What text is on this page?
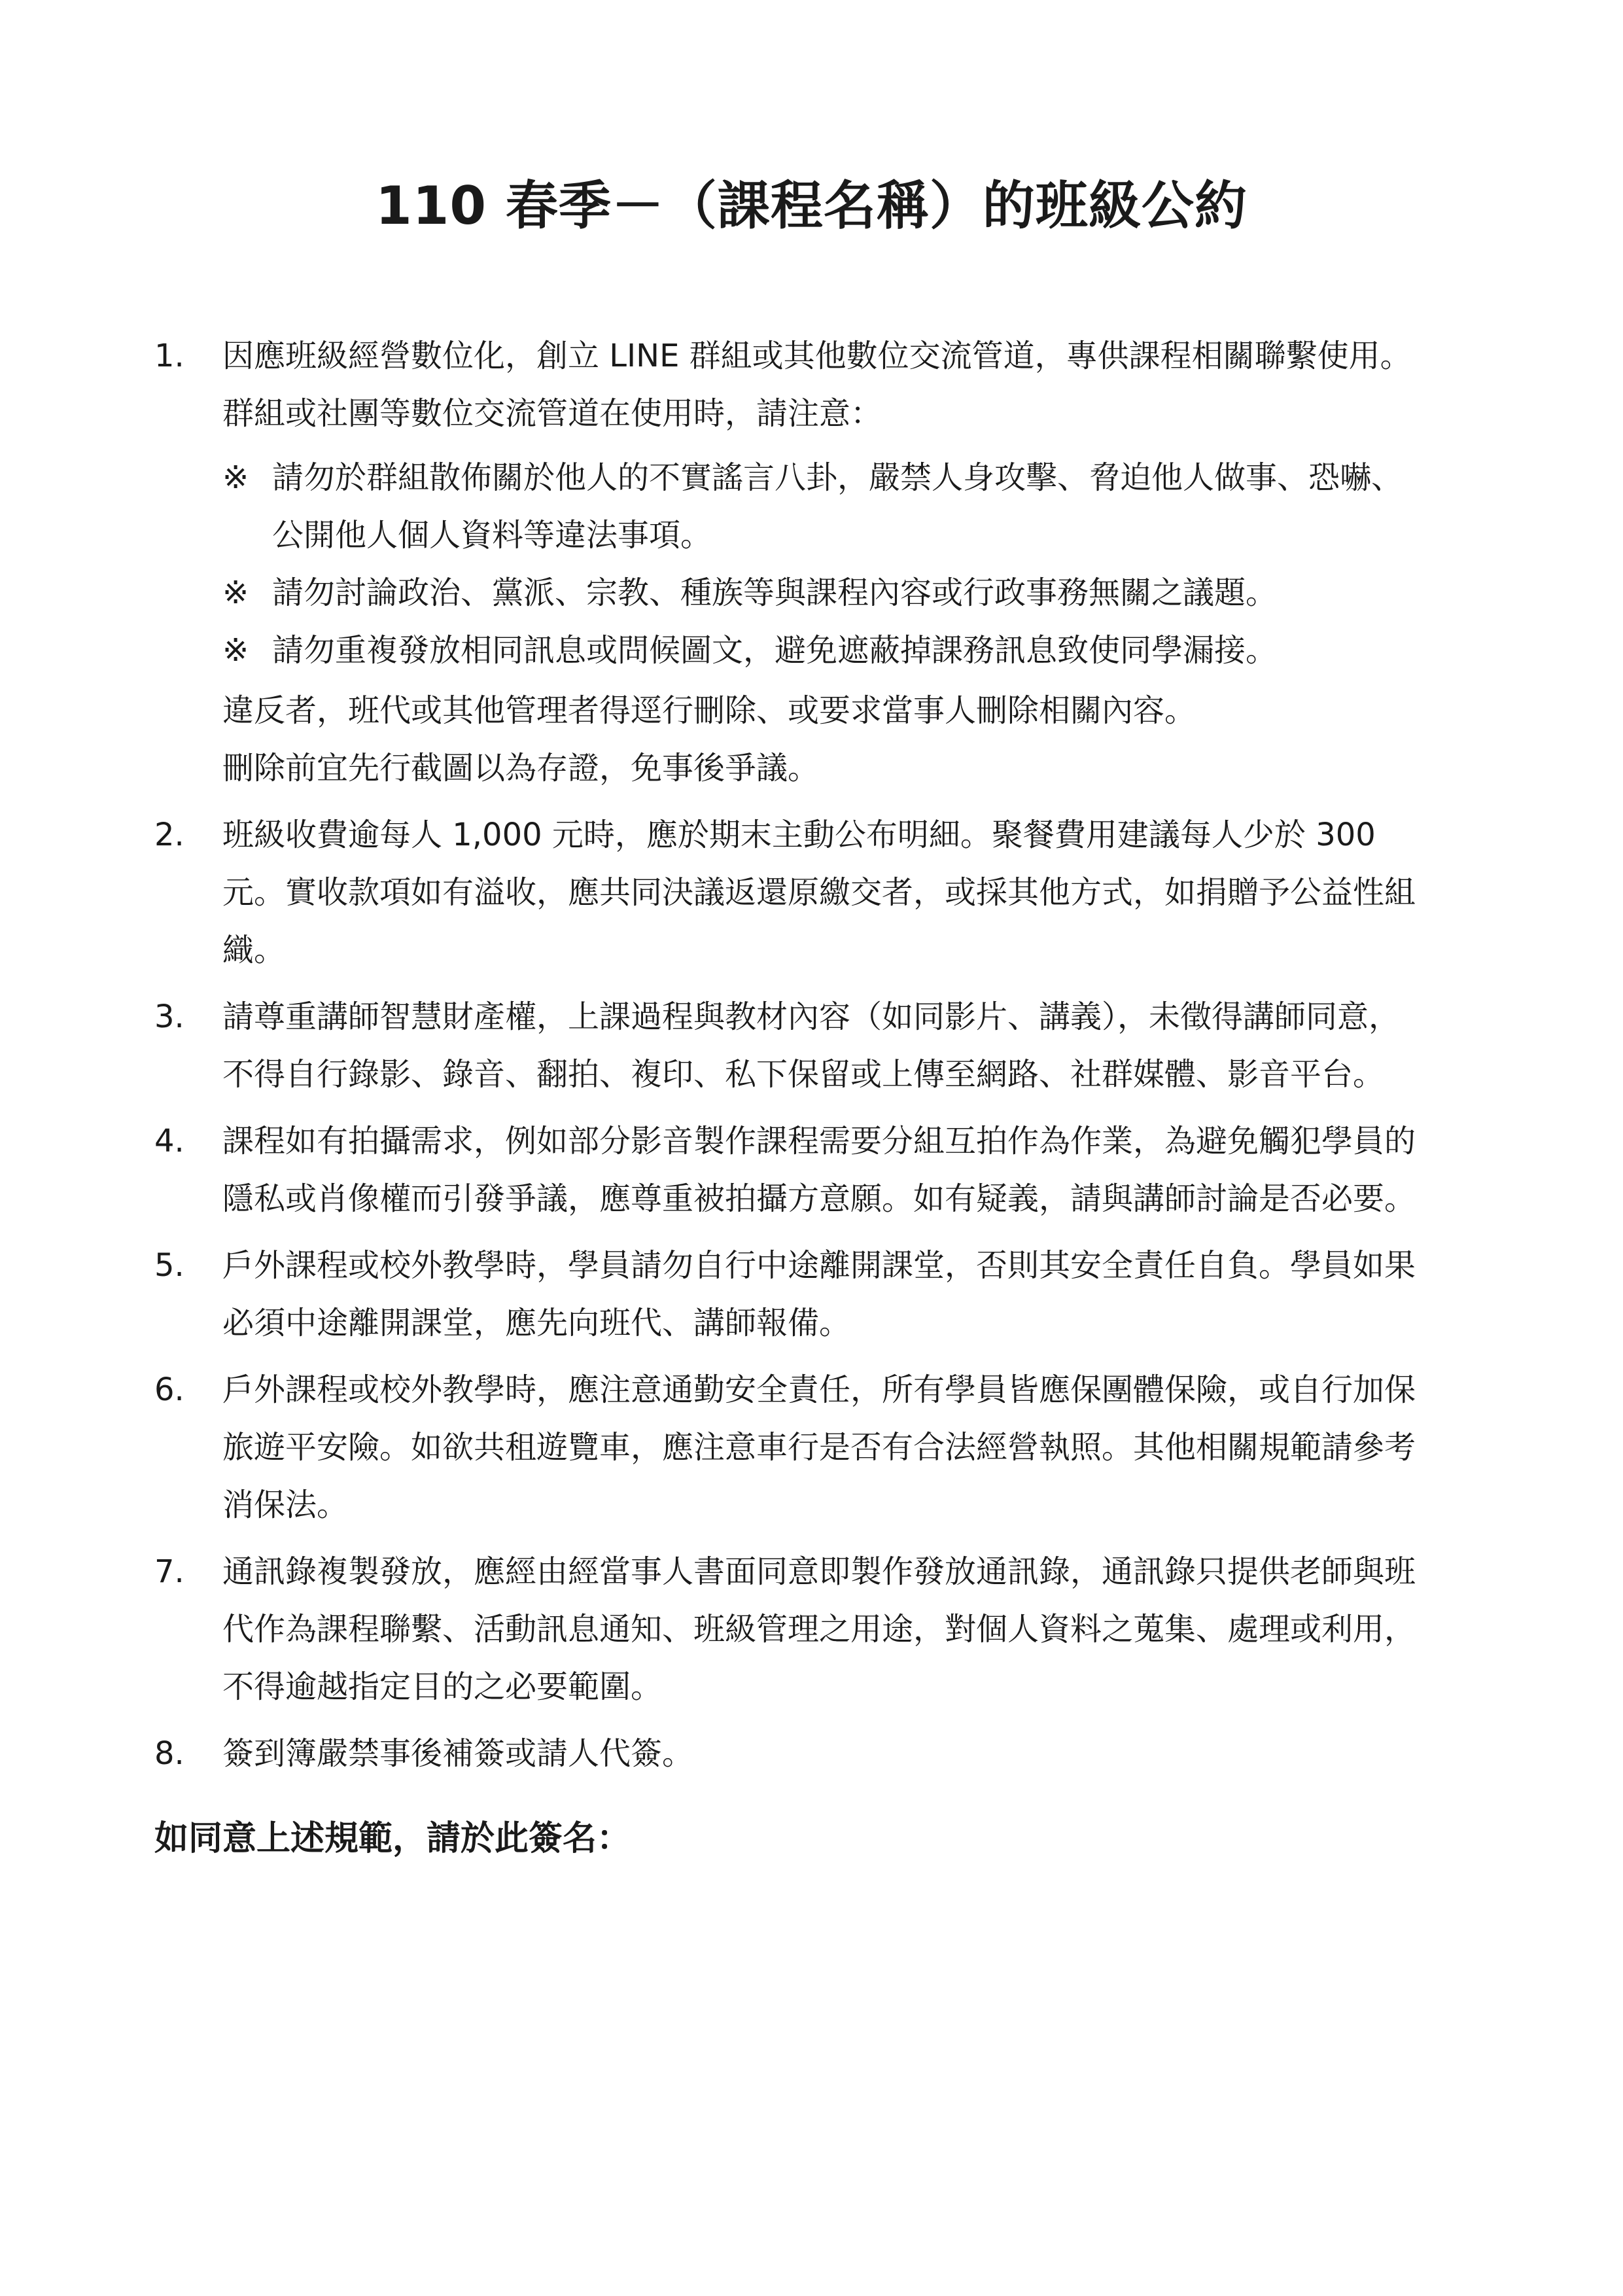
110 春季－（課程名稱）的班級公約
1. 因應班級經營數位化，創立 LINE 群組或其他數位交流管道，專供課程相關聯繫使用。
群組或社團等數位交流管道在使用時，請注意：
※ 請勿於群組散佈關於他人的不實謠言八卦，嚴禁人身攻擊、脅迫他人做事、恐嚇、
公開他人個人資料等違法事項。
※ 請勿討論政治、黨派、宗教、種族等與課程內容或行政事務無關之議題。
※ 請勿重複發放相同訊息或問候圖文，避免遮蔽掉課務訊息致使同學漏接。
違反者，班代或其他管理者得逕行刪除、或要求當事人刪除相關內容。
刪除前宜先行截圖以為存證，免事後爭議。
2. 班級收費逾每人 1,000 元時，應於期末主動公布明細。聚餐費用建議每人少於 300
元。實收款項如有溢收，應共同決議返還原繳交者，或採其他方式，如捐贈予公益性組
織。
3. 請尊重講師智慧財產權，上課過程與教材內容（如同影片、講義），未徵得講師同意，
不得自行錄影、錄音、翻拍、複印、私下保留或上傳至網路、社群媒體、影音平台。
4. 課程如有拍攝需求，例如部分影音製作課程需要分組互拍作為作業，為避免觸犯學員的
隱私或肖像權而引發爭議，應尊重被拍攝方意願。如有疑義，請與講師討論是否必要。
5. 戶外課程或校外教學時，學員請勿自行中途離開課堂，否則其安全責任自負。學員如果
必須中途離開課堂，應先向班代、講師報備。
6. 戶外課程或校外教學時，應注意通勤安全責任，所有學員皆應保團體保險，或自行加保
旅遊平安險。如欲共租遊覽車，應注意車行是否有合法經營執照。其他相關規範請參考
消保法。
7. 通訊錄複製發放，應經由經當事人書面同意即製作發放通訊錄，通訊錄只提供老師與班
代作為課程聯繫、活動訊息通知、班級管理之用途，對個人資料之蒐集、處理或利用，
不得逾越指定目的之必要範圍。
8. 簽到簿嚴禁事後補簽或請人代簽。
如同意上述規範，請於此簽名：
